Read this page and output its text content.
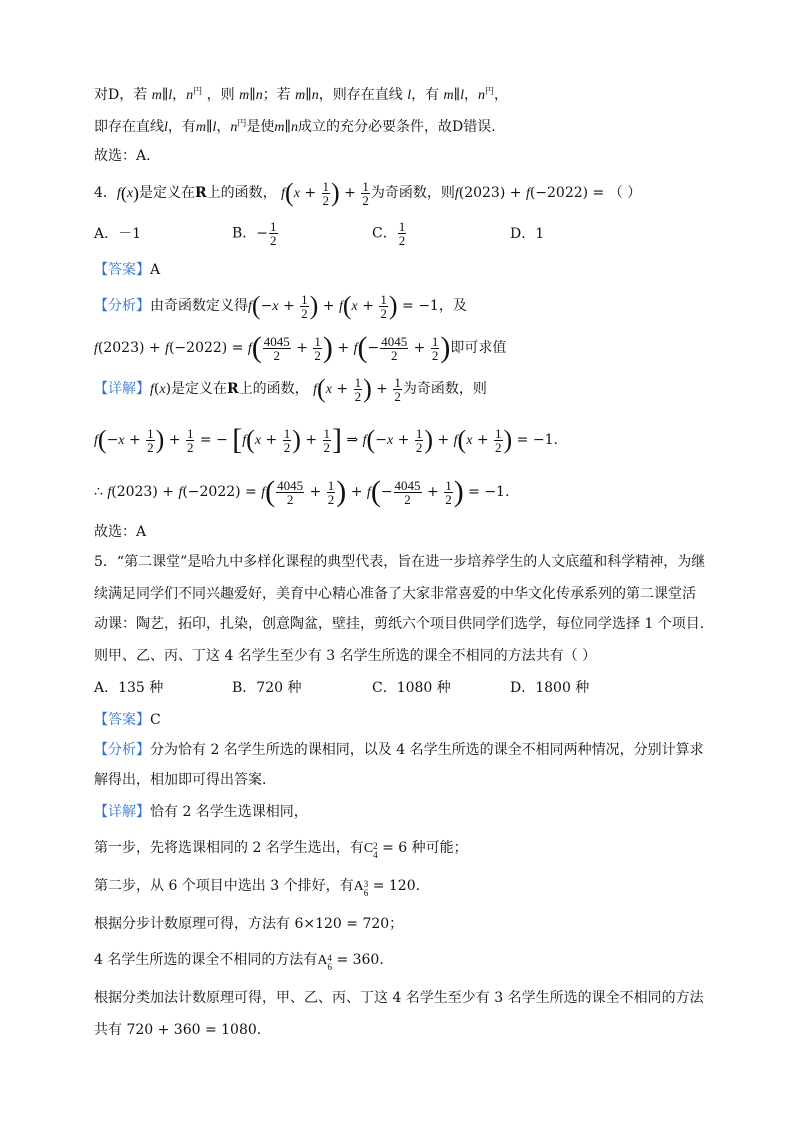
对D，若 m∥l，$n^円$ ，则 m∥n；若 m∥n，则存在直线 l，有 m∥l，$n^円$，
即存在直线l，有m∥l，$n^円$是使m∥n成立的充分必要条件，故D错误.
故选：A.
4．f(x)是定义在R上的函数， $f(x + \frac{1}{2}$ ) + $\frac{1}{2}$ 为奇函数，则f(2023) + f(−2022) = （ ）
A．－1	B．− $\frac{1}{2}$	C． $\frac{1}{2}$	D．1
【答案】A
【分析】由奇函数定义得$f(-x + \frac{1}{2}$ ) + $f(x + \frac{1}{2}$ ) = −1，及
$f(2023) + f(-2022) = f( \frac{4045}{2} + \frac{1}{2}$ ) + $f(- \frac{4045}{2} + \frac{1}{2}$ )即可求值
【详解】f(x)是定义在R上的函数， $f(x + \frac{1}{2}$ ) + $\frac{1}{2}$ 为奇函数，则
$f(-x + \frac{1}{2}$ ) + $\frac{1}{2}$ = − [$f(x + \frac{1}{2}$ ) + $\frac{1}{2}$ ] ⇒ $f(-x + \frac{1}{2}$ ) + $f(x + \frac{1}{2}$ ) = −1.
∴ $f(2023) + f(-2022) = f( \frac{4045}{2} + \frac{1}{2}$ ) + $f(- \frac{4045}{2} + \frac{1}{2}$ ) = −1.
故选：A
5．“第二课堂”是哈九中多样化课程的典型代表，旨在进一步培养学生的人文底蕴和科学精神，为继
续满足同学们不同兴趣爱好，美育中心精心准备了大家非常喜爱的中华文化传承系列的第二课堂活
动课：陶艺，拓印，扎染，创意陶盆，壁挂，剪纸六个项目供同学们选学，每位同学选择 1 个项目.
则甲、乙、丙、丁这 4 名学生至少有 3 名学生所选的课全不相同的方法共有（ ）
A．135 种	B．720 种	C．1080 种	D．1800 种
【答案】C
【分析】分为恰有 2 名学生所选的课相同，以及 4 名学生所选的课全不相同两种情况，分别计算求
解得出，相加即可得出答案.
【详解】恰有 2 名学生选课相同，
第一步，先将选课相同的 2 名学生选出，有C 2
$_4$ = 6 种可能；
第二步，从 6 个项目中选出 3 个排好，有A 3
$_6$ = 120.
根据分步计数原理可得，方法有 6×120 = 720；
4 名学生所选的课全不相同的方法有A 4
$_6$ = 360.
根据分类加法计数原理可得，甲、乙、丙、丁这 4 名学生至少有 3 名学生所选的课全不相同的方法
共有 720 + 360 = 1080.
